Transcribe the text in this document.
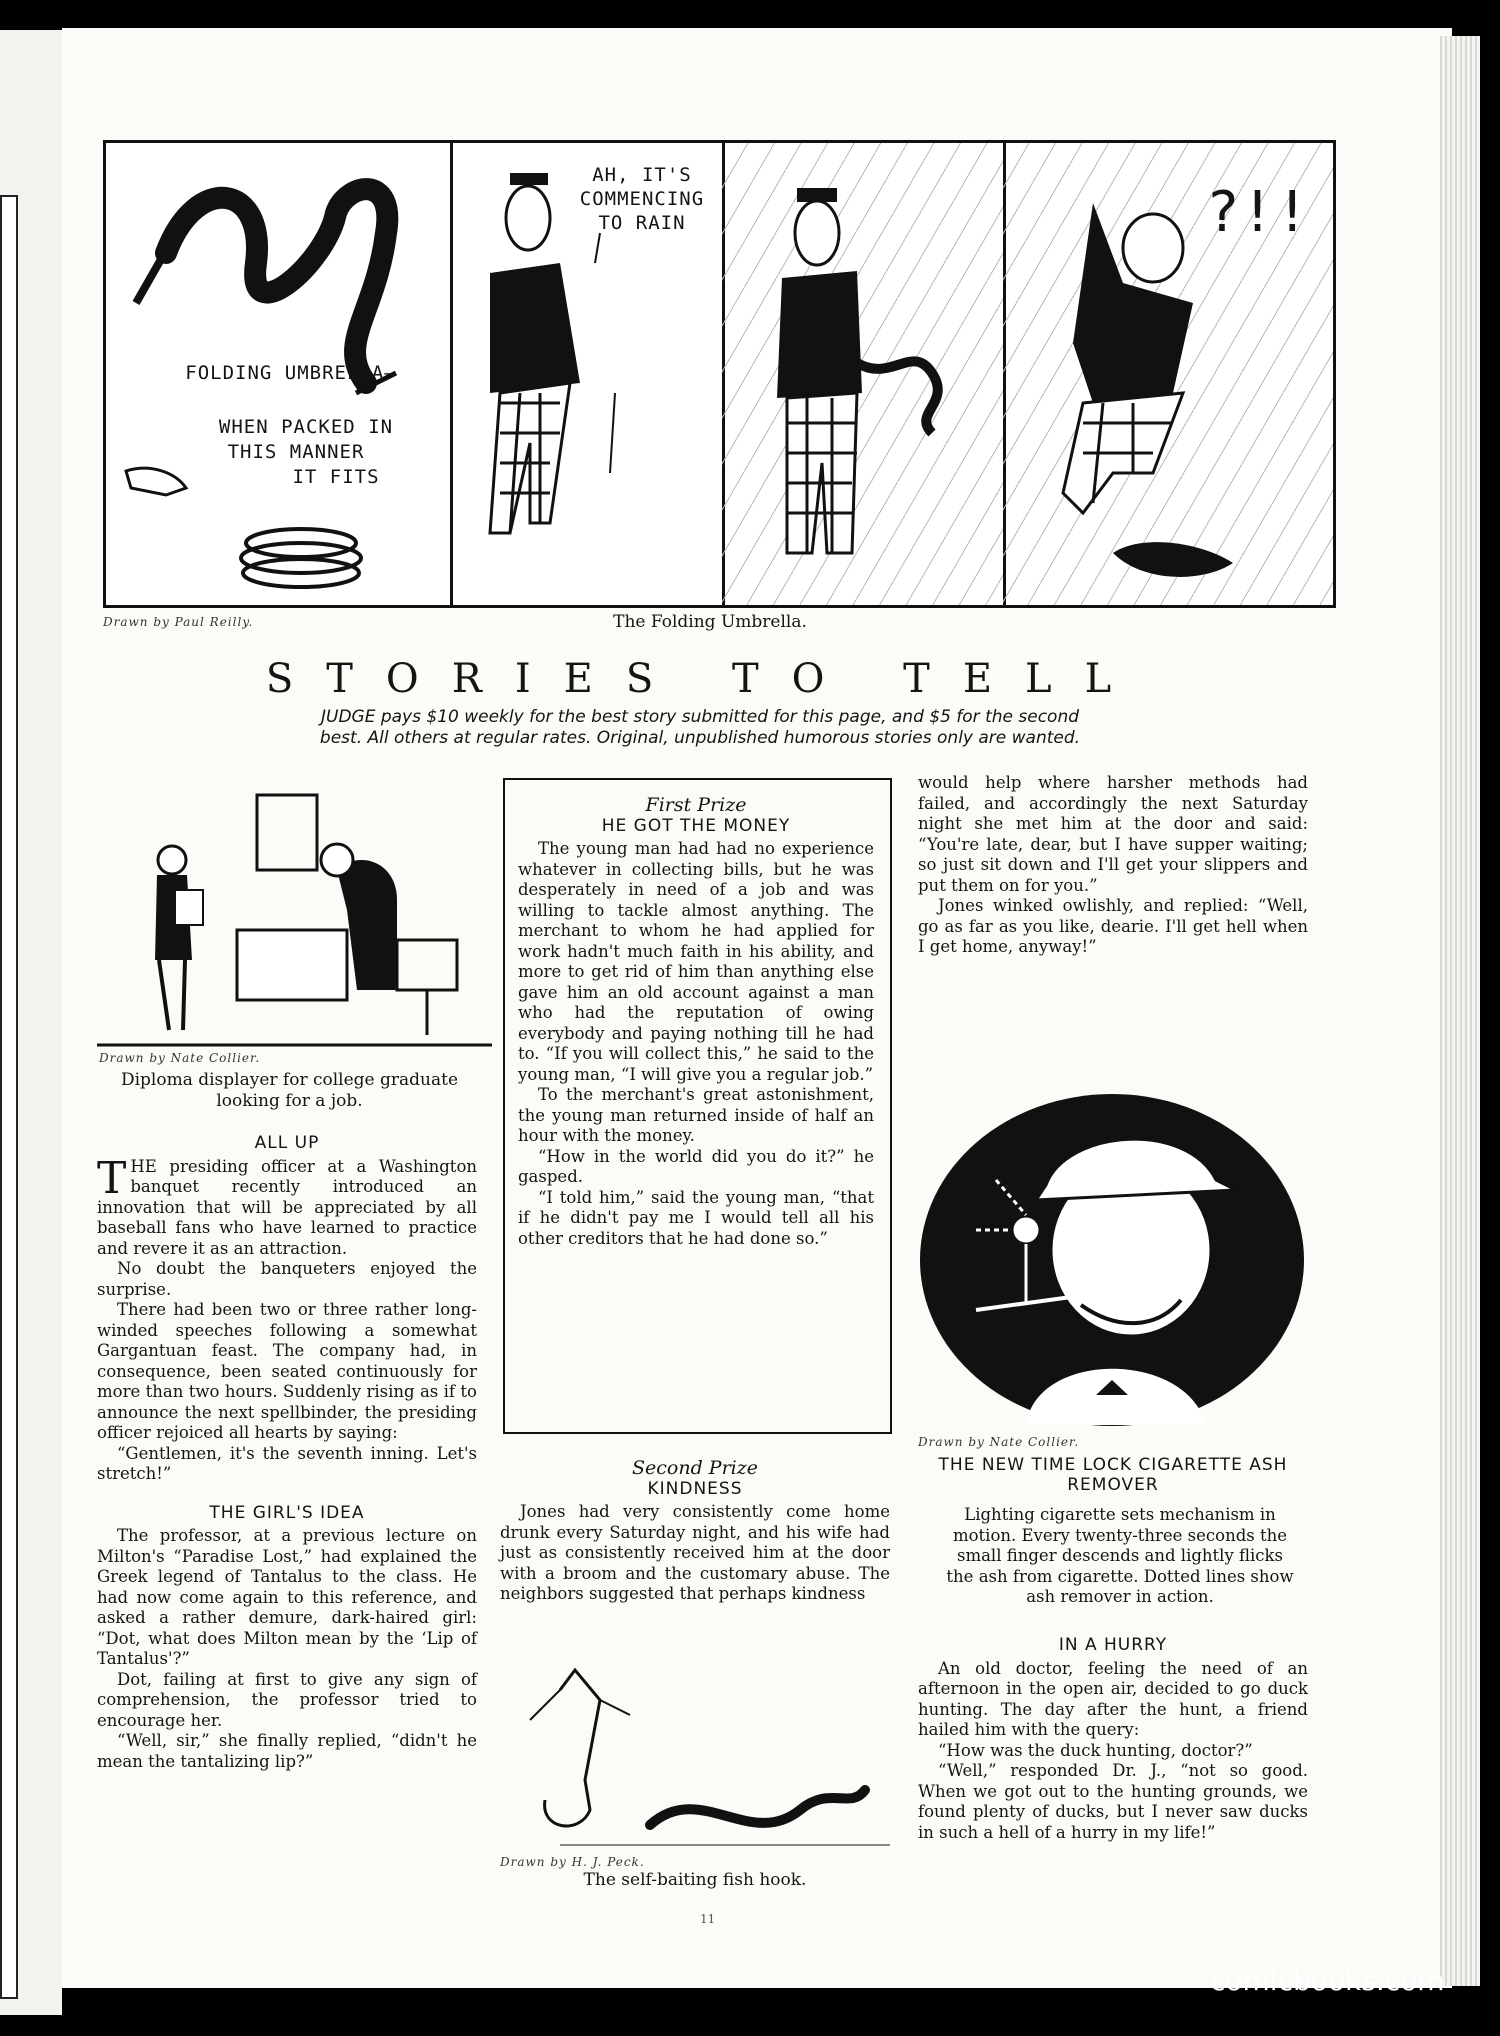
FOLDING UMBRELLA—
WHEN PACKED IN
THIS MANNER
IT FITS
AH, IT'S
COMMENCING
TO RAIN	?!!
Drawn by Paul Reilly.	The Folding Umbrella.
STORIES TO TELL
JUDGE pays $10 weekly for the best story submitted for this page, and $5 for the second
best. All others at regular rates. Original, unpublished humorous stories only are wanted.
Drawn by Nate Collier.
Diploma displayer for college graduate looking for a job.
ALL UP

THE presiding officer at a Washington banquet recently introduced an innovation that will be appreciated by all baseball fans who have learned to practice and revere it as an attraction.

No doubt the banqueters enjoyed the surprise.

There had been two or three rather long-winded speeches following a somewhat Gargantuan feast. The company had, in consequence, been seated continuously for more than two hours. Suddenly rising as if to announce the next spellbinder, the presiding officer rejoiced all hearts by saying:

“Gentlemen, it's the seventh inning. Let's stretch!”

THE GIRL'S IDEA

The professor, at a previous lecture on Milton's “Paradise Lost,” had explained the Greek legend of Tantalus to the class. He had now come again to this reference, and asked a rather demure, dark-haired girl: “Dot, what does Milton mean by the ‘Lip of Tantalus'?”

Dot, failing at first to give any sign of comprehension, the professor tried to encourage her.

“Well, sir,” she finally replied, “didn't he mean the tantalizing lip?”

First Prize
HE GOT THE MONEY

The young man had had no experience whatever in collecting bills, but he was desperately in need of a job and was willing to tackle almost anything. The merchant to whom he had applied for work hadn't much faith in his ability, and more to get rid of him than anything else gave him an old account against a man who had the reputation of owing everybody and paying nothing till he had to. “If you will collect this,” he said to the young man, “I will give you a regular job.”

To the merchant's great astonishment, the young man returned inside of half an hour with the money.

“How in the world did you do it?” he gasped.

“I told him,” said the young man, “that if he didn't pay me I would tell all his other creditors that he had done so.”

Second Prize
KINDNESS

Jones had very consistently come home drunk every Saturday night, and his wife had just as consistently received him at the door with a broom and the customary abuse. The neighbors suggested that perhaps kindness

Drawn by H. J. Peck.
The self-baiting fish hook.
11

would help where harsher methods had failed, and accordingly the next Saturday night she met him at the door and said: “You're late, dear, but I have supper waiting; so just sit down and I'll get your slippers and put them on for you.”

Jones winked owlishly, and replied: “Well, go as far as you like, dearie. I'll get hell when I get home, anyway!”

Drawn by Nate Collier.
THE NEW TIME LOCK CIGARETTE ASH REMOVER
Lighting cigarette sets mechanism in motion. Every twenty-three seconds the small finger descends and lightly flicks the ash from cigarette. Dotted lines show ash remover in action.
IN A HURRY

An old doctor, feeling the need of an afternoon in the open air, decided to go duck hunting. The day after the hunt, a friend hailed him with the query:

“How was the duck hunting, doctor?”

“Well,” responded Dr. J., “not so good. When we got out to the hunting grounds, we found plenty of ducks, but I never saw ducks in such a hell of a hurry in my life!”

comicbooks.com
